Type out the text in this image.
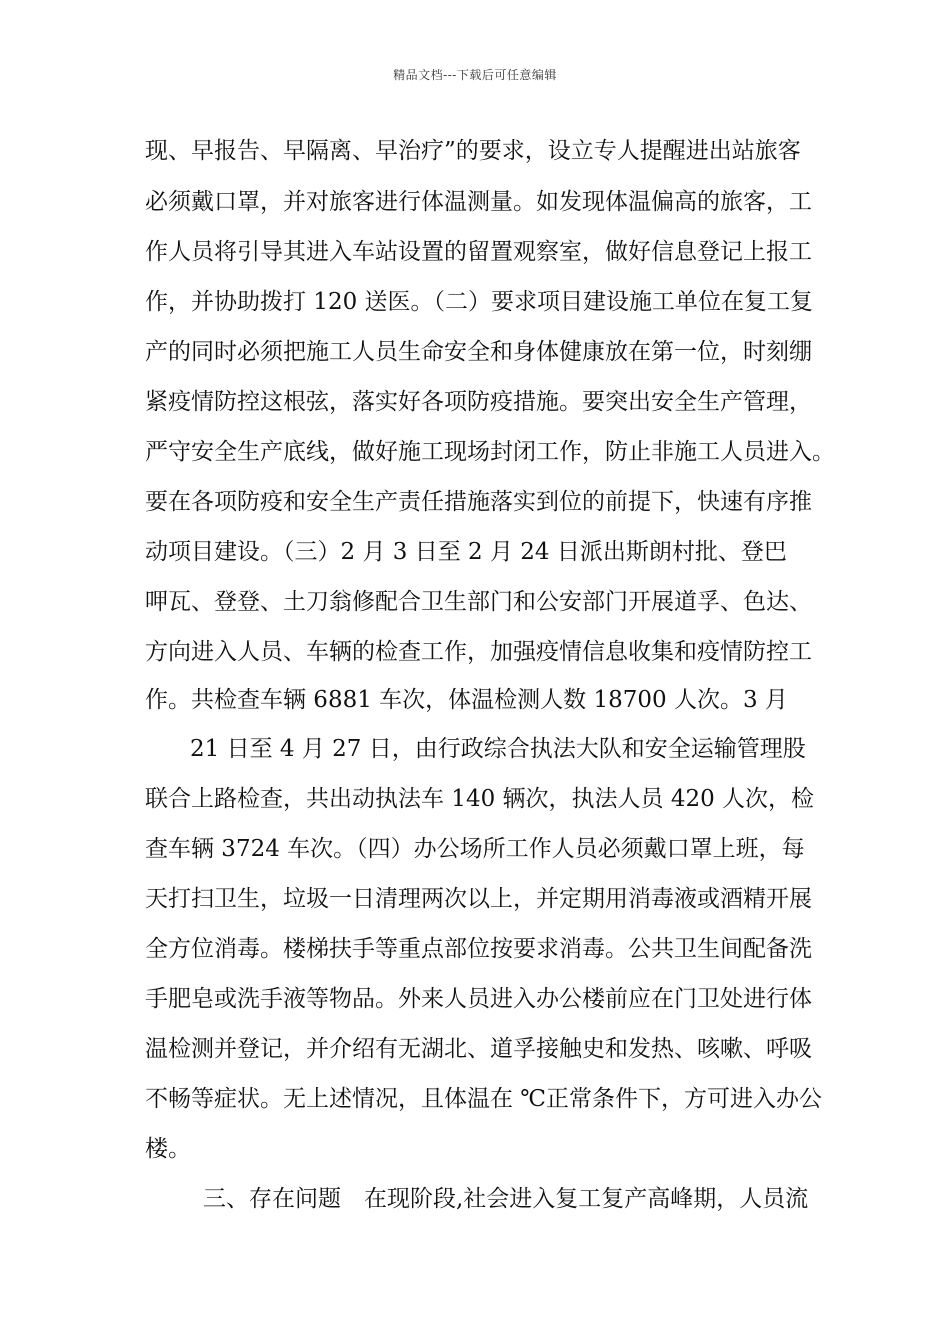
精品文档---下载后可任意编辑
现、早报告、早隔离、早治疗”的要求，设立专人提醒进出站旅客
必须戴口罩，并对旅客进行体温测量。如发现体温偏高的旅客，工
作人员将引导其进入车站设置的留置观察室，做好信息登记上报工
作，并协助拨打 120 送医。（二）要求项目建设施工单位在复工复
产的同时必须把施工人员生命安全和身体健康放在第一位，时刻绷
紧疫情防控这根弦，落实好各项防疫措施。要突出安全生产管理，
严守安全生产底线，做好施工现场封闭工作，防止非施工人员进入。
要在各项防疫和安全生产责任措施落实到位的前提下，快速有序推
动项目建设。（三）2 月 3 日至 2 月 24 日派出斯朗村批、登巴
呷瓦、登登、土刀翁修配合卫生部门和公安部门开展道孚、色达、
方向进入人员、车辆的检查工作，加强疫情信息收集和疫情防控工
作。共检查车辆 6881 车次，体温检测人数 18700 人次。3 月
21 日至 4 月 27 日，由行政综合执法大队和安全运输管理股
联合上路检查，共出动执法车 140 辆次，执法人员 420 人次，检
查车辆 3724 车次。（四）办公场所工作人员必须戴口罩上班，每
天打扫卫生，垃圾一日清理两次以上，并定期用消毒液或酒精开展
全方位消毒。楼梯扶手等重点部位按要求消毒。公共卫生间配备洗
手肥皂或洗手液等物品。外来人员进入办公楼前应在门卫处进行体
温检测并登记，并介绍有无湖北、道孚接触史和发热、咳嗽、呼吸
不畅等症状。无上述情况，且体温在 ℃正常条件下，方可进入办公
楼。
三、存在问题　在现阶段,社会进入复工复产高峰期，人员流
